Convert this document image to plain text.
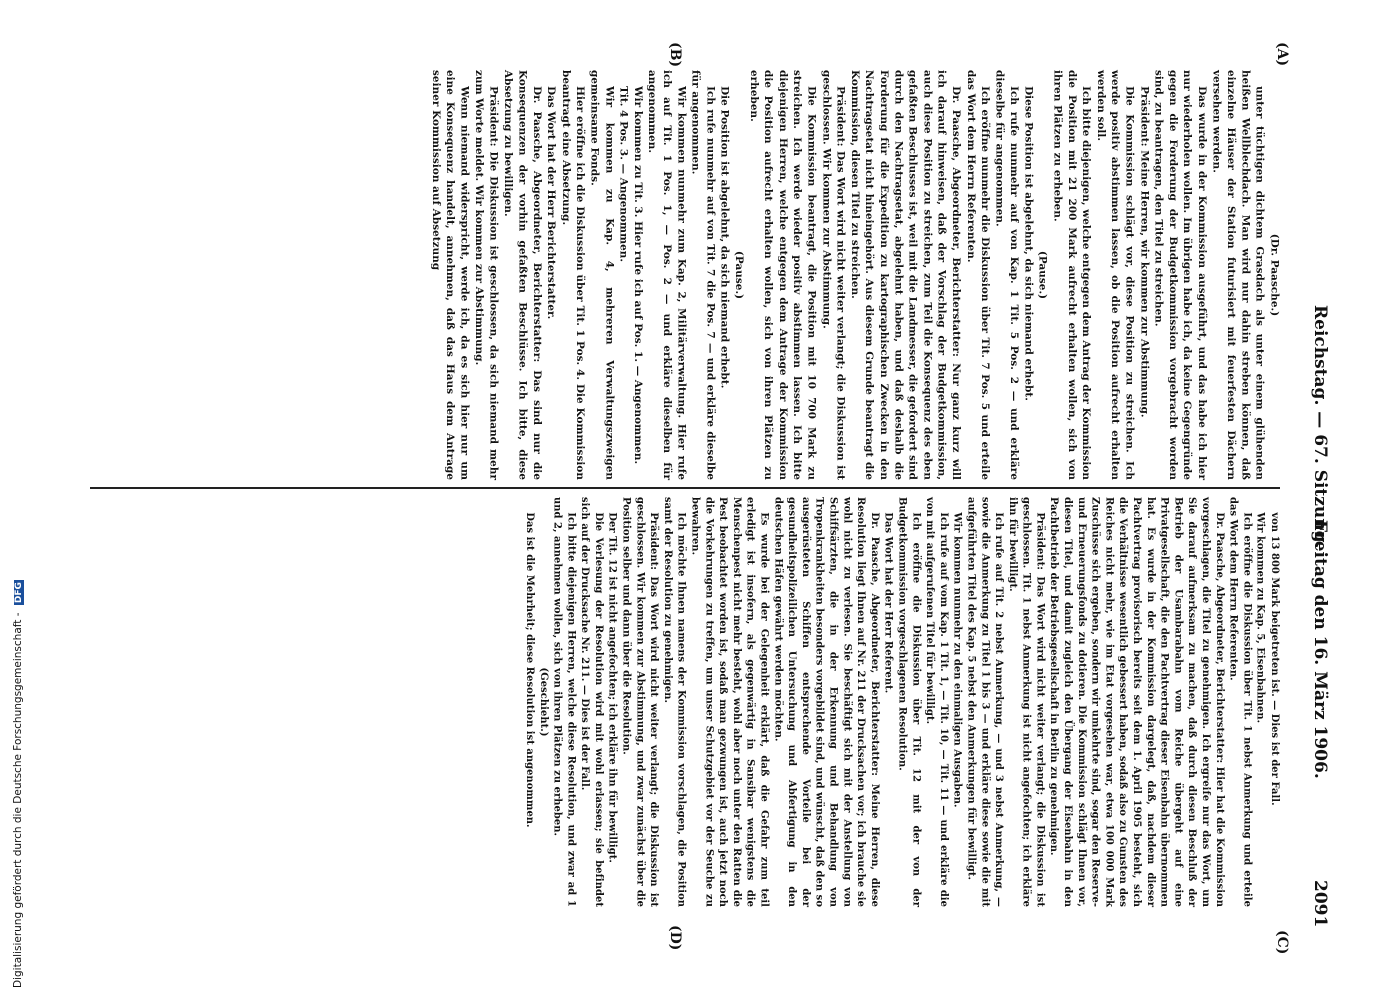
Reichstag. — 67. Sitzung.
Freitag den 16. März 1906.
2091
(A)
(B)
(C)
(D)

(Dr. Paasche.)

unter tüchtigen dichtem Grasdach als unter einem glühenden heißen Wellblechdach. Man wird nur dahin streben können, daß einzelne Häuser der Station futurisiert mit feuerfesten Dächern versehen werden.

Das wurde in der Kommission ausgeführt, und das habe ich hier nur wiederholen wollen. Im übrigen habe ich, da keine Gegengründe gegen die Forderung der Budgetkommission vorgebracht worden sind, zu beantragen, den Titel zu streichen.

Präsident: Meine Herren, wir kommen zur Abstimmung.

Die Kommission schlägt vor, diese Position zu streichen. Ich werde positiv abstimmen lassen, ob die Position aufrecht erhalten werden soll.

Ich bitte diejenigen, welche entgegen dem Antrag der Kommission die Position mit 21 200 Mark aufrecht erhalten wollen, sich von ihren Plätzen zu erheben.

(Pause.)

Diese Position ist abgelehnt, da sich niemand erhebt.

Ich rufe nunmehr auf von Kap. 1 Tit. 5 Pos. 2 — und erkläre dieselbe für angenommen.

Ich eröffne nunmehr die Diskussion über Tit. 7 Pos. 5 und erteile das Wort dem Herrn Referenten.

Dr. Paasche, Abgeordneter, Berichterstatter: Nur ganz kurz will ich darauf hinweisen, daß der Vorschlag der Budgetkommission, auch diese Position zu streichen, zum Teil die Konsequenz des eben gefaßten Beschlusses ist, weil mit die Landmesser, die gefordert sind durch den Nachtragsetat, abgelehnt haben, und daß deshalb die Forderung für die Expedition zu kartographischen Zwecken in den Nachtragsetat nicht hineingehört. Aus diesem Grunde beantragt die Kommission, diesen Titel zu streichen.

Präsident: Das Wort wird nicht weiter verlangt; die Diskussion ist geschlossen. Wir kommen zur Abstimmung.

Die Kommission beantragt, die Position mit 10 700 Mark zu streichen. Ich werde wieder positiv abstimmen lassen. Ich bitte diejenigen Herren, welche entgegen dem Antrage der Kommission die Position aufrecht erhalten wollen, sich von ihren Plätzen zu erheben.

(Pause.)

Die Position ist abgelehnt, da sich niemand erhebt.

Ich rufe nunmehr auf von Tit. 7 die Pos. 7 — und erkläre dieselbe für angenommen.

Wir kommen nunmehr zum Kap. 2, Militärverwaltung. Hier rufe ich auf Tit. 1 Pos. 1, — Pos. 2 — und erkläre dieselben für angenommen.

Wir kommen zu Tit. 3. Hier rufe ich auf Pos. 1. — Angenommen.

Tit. 4 Pos. 3. — Angenommen.

Wir kommen zu Kap. 4, mehreren Verwaltungszweigen gemeinsame Fonds.

Hier eröffne ich die Diskussion über Tit. 1 Pos. 4. Die Kommission beantragt eine Absetzung.

Das Wort hat der Herr Berichterstatter.

Dr. Paasche, Abgeordneter, Berichterstatter: Das sind nur die Konsequenzen der vorhin gefaßten Beschlüsse. Ich bitte, diese Absetzung zu bewilligen.

Präsident: Die Diskussion ist geschlossen, da sich niemand mehr zum Worte meldet. Wir kommen zur Abstimmung.

Wenn niemand widerspricht, werde ich, da es sich hier nur um eine Konsequenz handelt, annehmen, daß das Haus dem Antrage seiner Kommission auf Absetzung

von 13 800 Mark beigetreten ist. — Dies ist der Fall.

Wir kommen zu Kap. 5, Eisenbahnen.

Ich eröffne die Diskussion über Tit. 1 nebst Anmerkung und erteile das Wort dem Herrn Referenten.

Dr. Paasche, Abgeordneter, Berichterstatter: Hier hat die Kommission vorgeschlagen, die Titel zu genehmigen. Ich ergreife nur das Wort, um Sie darauf aufmerksam zu machen, daß durch diesen Beschluß der Betrieb der Usambarabahn vom Reiche übergeht auf eine Privatgesellschaft, die den Pachtvertrag dieser Eisenbahn übernommen hat. Es wurde in der Kommission dargelegt, daß, nachdem dieser Pachtvertrag provisorisch bereits seit dem 1. April 1905 besteht, sich die Verhältnisse wesentlich gebessert haben, sodaß also zu Gunsten des Reiches nicht mehr, wie im Etat vorgesehen war, etwa 100 000 Mark Zuschüsse sich ergeben, sondern wir umkehrte sind, sogar den Reserve- und Erneuerungsfonds zu dotieren. Die Kommission schlägt Ihnen vor, diesen Titel, und damit zugleich den Übergang der Eisenbahn in den Pachtbetrieb der Betriebsgesellschaft in Berlin zu genehmigen.

Präsident: Das Wort wird nicht weiter verlangt; die Diskussion ist geschlossen. Tit. 1 nebst Anmerkung ist nicht angefochten; ich erkläre ihn für bewilligt.

Ich rufe auf Tit. 2 nebst Anmerkung, — und 3 nebst Anmerkung, — sowie die Anmerkung zu Titel 1 bis 3 — und erkläre diese sowie die mit aufgeführten Titel des Kap. 5 nebst den Anmerkungen für bewilligt.

Wir kommen nunmehr zu den einmaligen Ausgaben.

Ich rufe auf vom Kap. 1 Tit. 1, — Tit. 10, — Tit. 11 — und erkläre die von mit aufgerufenen Titel für bewilligt.

Ich eröffne die Diskussion über Tit. 12 mit der von der Budgetkommission vorgeschlagenen Resolution.

Das Wort hat der Herr Referent.

Dr. Paasche, Abgeordneter, Berichterstatter: Meine Herren, diese Resolution liegt Ihnen auf Nr. 211 der Drucksachen vor; ich brauche sie wohl nicht zu verlesen. Sie beschäftigt sich mit der Anstellung von Schiffsärzten, die in der Erkennung und Behandlung von Tropenkrankheiten besonders vorgebildet sind, und wünscht, daß den so ausgerüsteten Schiffen entsprechende Vorteile bei der gesundheitspolizeilichen Untersuchung und Abfertigung in den deutschen Häfen gewährt werden möchten.

Es wurde bei der Gelegenheit erklärt, daß die Gefahr zum teil erledigt ist insofern, als gegenwärtig in Sansibar wenigstens die Menschenpest nicht mehr besteht, wohl aber noch unter den Ratten die Pest beobachtet worden ist, sodaß man gezwungen ist, auch jetzt noch die Vorkehrungen zu treffen, um unser Schutzgebiet vor der Seuche zu bewahren.

Ich möchte Ihnen namens der Kommission vorschlagen, die Position samt der Resolution zu genehmigen.

Präsident: Das Wort wird nicht weiter verlangt; die Diskussion ist geschlossen. Wir kommen zur Abstimmung, und zwar zunächst über die Position selber und dann über die Resolution.

Der Tit. 12 ist nicht angefochten; ich erkläre ihn für bewilligt.

Die Verlesung der Resolution wird mit wohl erlassen; sie befindet sich auf der Drucksache Nr. 211. — Dies ist der Fall.

Ich bitte diejenigen Herren, welche diese Resolution, und zwar ad 1 und 2, annehmen wollen, sich von ihren Plätzen zu erheben.

(Geschieht.)

Das ist die Mehrheit; diese Resolution ist angenommen.

Digitalisierung gefördert durch die Deutsche Forschungsgemeinschaft - DFG
